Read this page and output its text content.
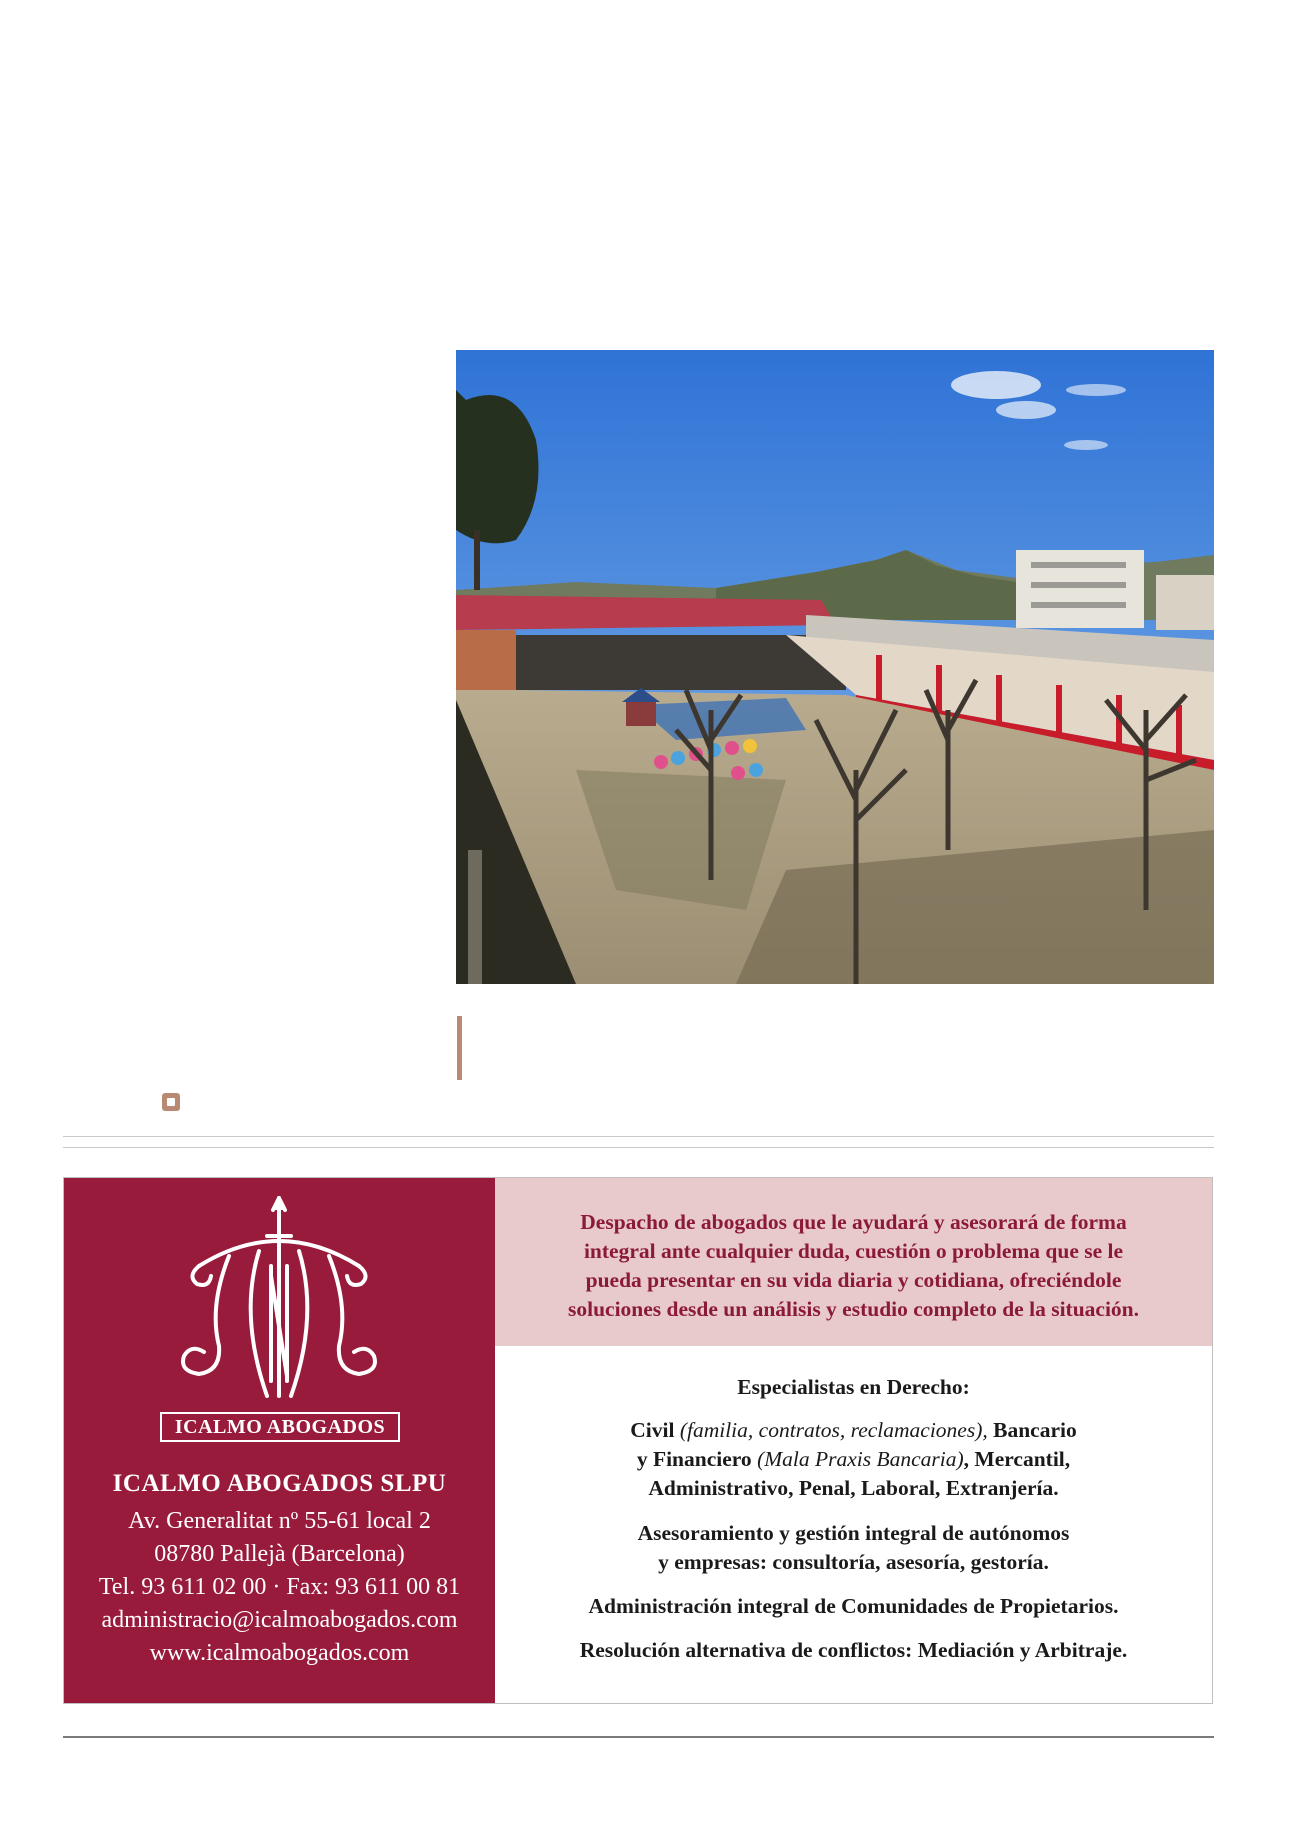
ICALMO ABOGADOS
ICALMO ABOGADOS SLPU
Av. Generalitat nº 55-61 local 2
08780 Pallejà (Barcelona)
Tel. 93 611 02 00 · Fax: 93 611 00 81
administracio@icalmoabogados.com
www.icalmoabogados.com
Despacho de abogados que le ayudará y asesorará de forma
integral ante cualquier duda, cuestión o problema que se le
pueda presentar en su vida diaria y cotidiana, ofreciéndole
soluciones desde un análisis y estudio completo de la situación.
Especialistas en Derecho:
Civil (familia, contratos, reclamaciones), Bancario
y Financiero (Mala Praxis Bancaria), Mercantil,
Administrativo, Penal, Laboral, Extranjería.
Asesoramiento y gestión integral de autónomos
y empresas: consultoría, asesoría, gestoría.
Administración integral de Comunidades de Propietarios.
Resolución alternativa de conflictos: Mediación y Arbitraje.
